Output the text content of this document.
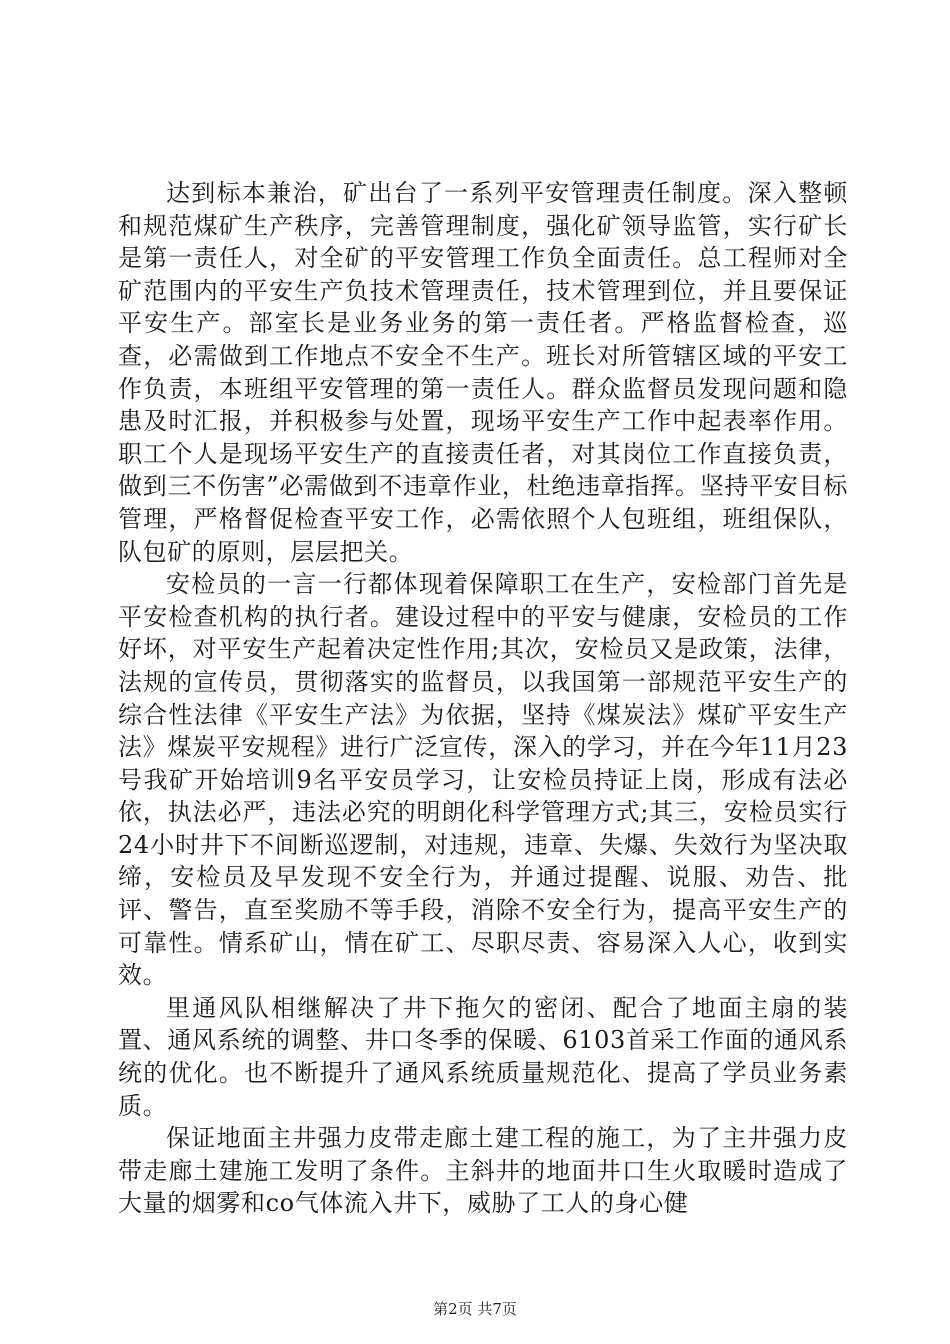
达到标本兼治，矿出台了一系列平安管理责任制度。深入整顿和规范煤矿生产秩序，完善管理制度，强化矿领导监管，实行矿长是第一责任人，对全矿的平安管理工作负全面责任。总工程师对全矿范围内的平安生产负技术管理责任，技术管理到位，并且要保证平安生产。部室长是业务业务的第一责任者。严格监督检查，巡查，必需做到工作地点不安全不生产。班长对所管辖区域的平安工作负责，本班组平安管理的第一责任人。群众监督员发现问题和隐患及时汇报，并积极参与处置，现场平安生产工作中起表率作用。职工个人是现场平安生产的直接责任者，对其岗位工作直接负责，做到三不伤害”必需做到不违章作业，杜绝违章指挥。坚持平安目标管理，严格督促检查平安工作，必需依照个人包班组，班组保队，队包矿的原则，层层把关。

安检员的一言一行都体现着保障职工在生产，安检部门首先是平安检查机构的执行者。建设过程中的平安与健康，安检员的工作好坏，对平安生产起着决定性作用;其次，安检员又是政策，法律，法规的宣传员，贯彻落实的监督员，以我国第一部规范平安生产的综合性法律《平安生产法》为依据，坚持《煤炭法》煤矿平安生产法》煤炭平安规程》进行广泛宣传，深入的学习，并在今年11月23号我矿开始培训9名平安员学习，让安检员持证上岗，形成有法必依，执法必严，违法必究的明朗化科学管理方式;其三，安检员实行24小时井下不间断巡逻制，对违规，违章、失爆、失效行为坚决取缔，安检员及早发现不安全行为，并通过提醒、说服、劝告、批评、警告，直至奖励不等手段，消除不安全行为，提高平安生产的可靠性。情系矿山，情在矿工、尽职尽责、容易深入人心，收到实效。

里通风队相继解决了井下拖欠的密闭、配合了地面主扇的装置、通风系统的调整、井口冬季的保暖、6103首采工作面的通风系统的优化。也不断提升了通风系统质量规范化、提高了学员业务素质。

保证地面主井强力皮带走廊土建工程的施工，为了主井强力皮带走廊土建施工发明了条件。主斜井的地面井口生火取暖时造成了大量的烟雾和co气体流入井下，威胁了工人的身心健

第2页 共7页
